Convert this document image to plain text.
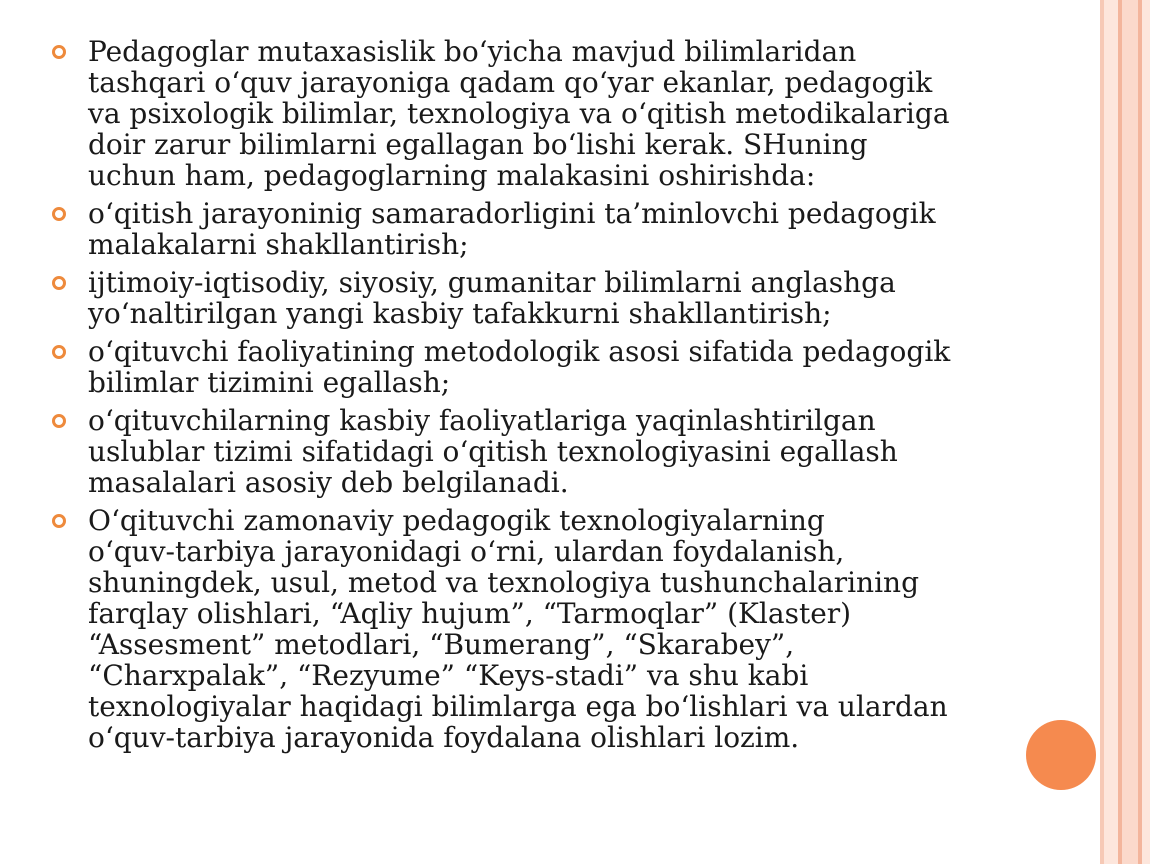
Pedagoglar mutaxasislik bo‘yicha mavjud bilimlaridan
tashqari o‘quv jarayoniga qadam qo‘yar ekanlar, pedagogik
va psixologik bilimlar, texnologiya va o‘qitish metodikalariga
doir zarur bilimlarni egallagan bo‘lishi kerak. SHuning
uchun ham, pedagoglarning malakasini oshirishda:
o‘qitish jarayoninig samaradorligini ta’minlovchi pedagogik
malakalarni shakllantirish;
ijtimoiy-iqtisodiy, siyosiy, gumanitar bilimlarni anglashga
yo‘naltirilgan yangi kasbiy tafakkurni shakllantirish;
o‘qituvchi faoliyatining metodologik asosi sifatida pedagogik
bilimlar tizimini egallash;
o‘qituvchilarning kasbiy faoliyatlariga yaqinlashtirilgan
uslublar tizimi sifatidagi o‘qitish texnologiyasini egallash
masalalari asosiy deb belgilanadi.
O‘qituvchi zamonaviy pedagogik texnologiyalarning
o‘quv-tarbiya jarayonidagi o‘rni, ulardan foydalanish,
shuningdek, usul, metod va texnologiya tushunchalarining
farqlay olishlari, “Aqliy hujum”, “Tarmoqlar” (Klaster)
“Assesment” metodlari, “Bumerang”, “Skarabey”,
“Charxpalak”, “Rezyume” “Keys-stadi” va shu kabi
texnologiyalar haqidagi bilimlarga ega bo‘lishlari va ulardan
o‘quv-tarbiya jarayonida foydalana olishlari lozim.
